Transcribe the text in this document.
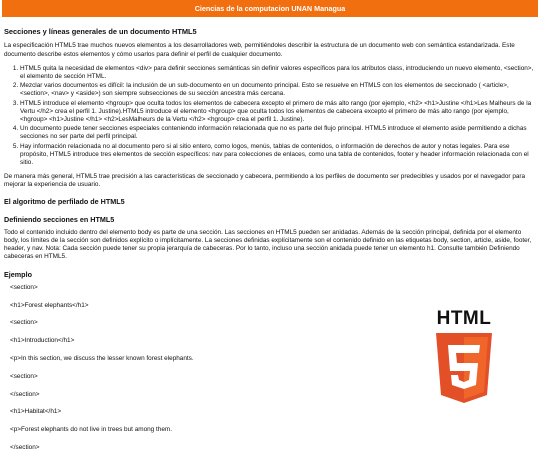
Ciencias de la computacion UNAN Managua
Secciones y líneas generales de un documento HTML5

La especificación HTML5 trae muchos nuevos elementos a los desarrolladores web, permitiéndoles describir la estructura de un documento web con semántica estandarizada. Este documento describe estos elementos y cómo usarlos para definir el perfil de cualquier documento.

1. HTML5 quita la necesidad de elementos <div> para definir secciones semánticas sin definir valores específicos para los atributos class, introduciendo un nuevo elemento, <section>, el elemento de sección HTML.
2. Mezclar varios documentos es difícil: la inclusión de un sub-documento en un documento principal. Esto se resuelve en HTML5 con los elementos de seccionado ( <article>, <section>, <nav> y <aside>) son siempre subsecciones de su sección ancestra más cercana.
3. HTML5 introduce el elemento <hgroup> que oculta todos los elementos de cabecera excepto el primero de más alto rango (por ejemplo, <h2> <h1>Justine </h1>Les Malheurs de la Vertu </h2> crea el perfil 1. Justine).HTML5 introduce el elemento <hgroup> que oculta todos los elementos de cabecera excepto el primero de más alto rango (por ejemplo, <hgroup> <h1>Justine </h1> <h2>LesMalheurs de la Vertu </h2> <hgroup> crea el perfil 1. Justine).
4. Un documento puede tener secciones especiales conteniendo información relacionada que no es parte del flujo principal. HTML5 introduce el elemento aside permitiendo a dichas secciones no ser parte del perfil principal.
5. Hay información relacionada no al documento pero si al sitio entero, como logos, menús, tablas de contenidos, o información de derechos de autor y notas legales. Para ese propósito, HTML5 introduce tres elementos de sección específicos: nav para colecciones de enlaces, como una tabla de contenidos, footer y header información relacionada con el sitio.

De manera más general, HTML5 trae precisión a las características de seccionado y cabecera, permitiendo a los perfiles de documento ser predecibles y usados por el navegador para mejorar la experiencia de usuario.

El algoritmo de perfilado de HTML5
Definiendo secciones en HTML5

Todo el contenido incluido dentro del elemento body es parte de una sección. Las secciones en HTML5 pueden ser anidadas. Además de la sección principal, definida por el elemento body, los límites de la sección son definidos explícito o implícitamente. La secciones definidas explícitamente son el contenido definido en las etiquetas body, section, article, aside, footer, header, y nav. Nota: Cada sección puede tener su propia jerarquía de cabeceras. Por lo tanto, incluso una sección anidada puede tener un elemento h1. Consulte también Definiendo cabeceras en HTML5.

Ejemplo
<section>
<h1>Forest elephants</h1>
<section>
<h1>Introduction</h1>
<p>In this section, we discuss the lesser known forest elephants.
<section>
</section>
<h1>Habitat</h1>
<p>Forest elephants do not live in trees but among them.
</section>
HTML
5
